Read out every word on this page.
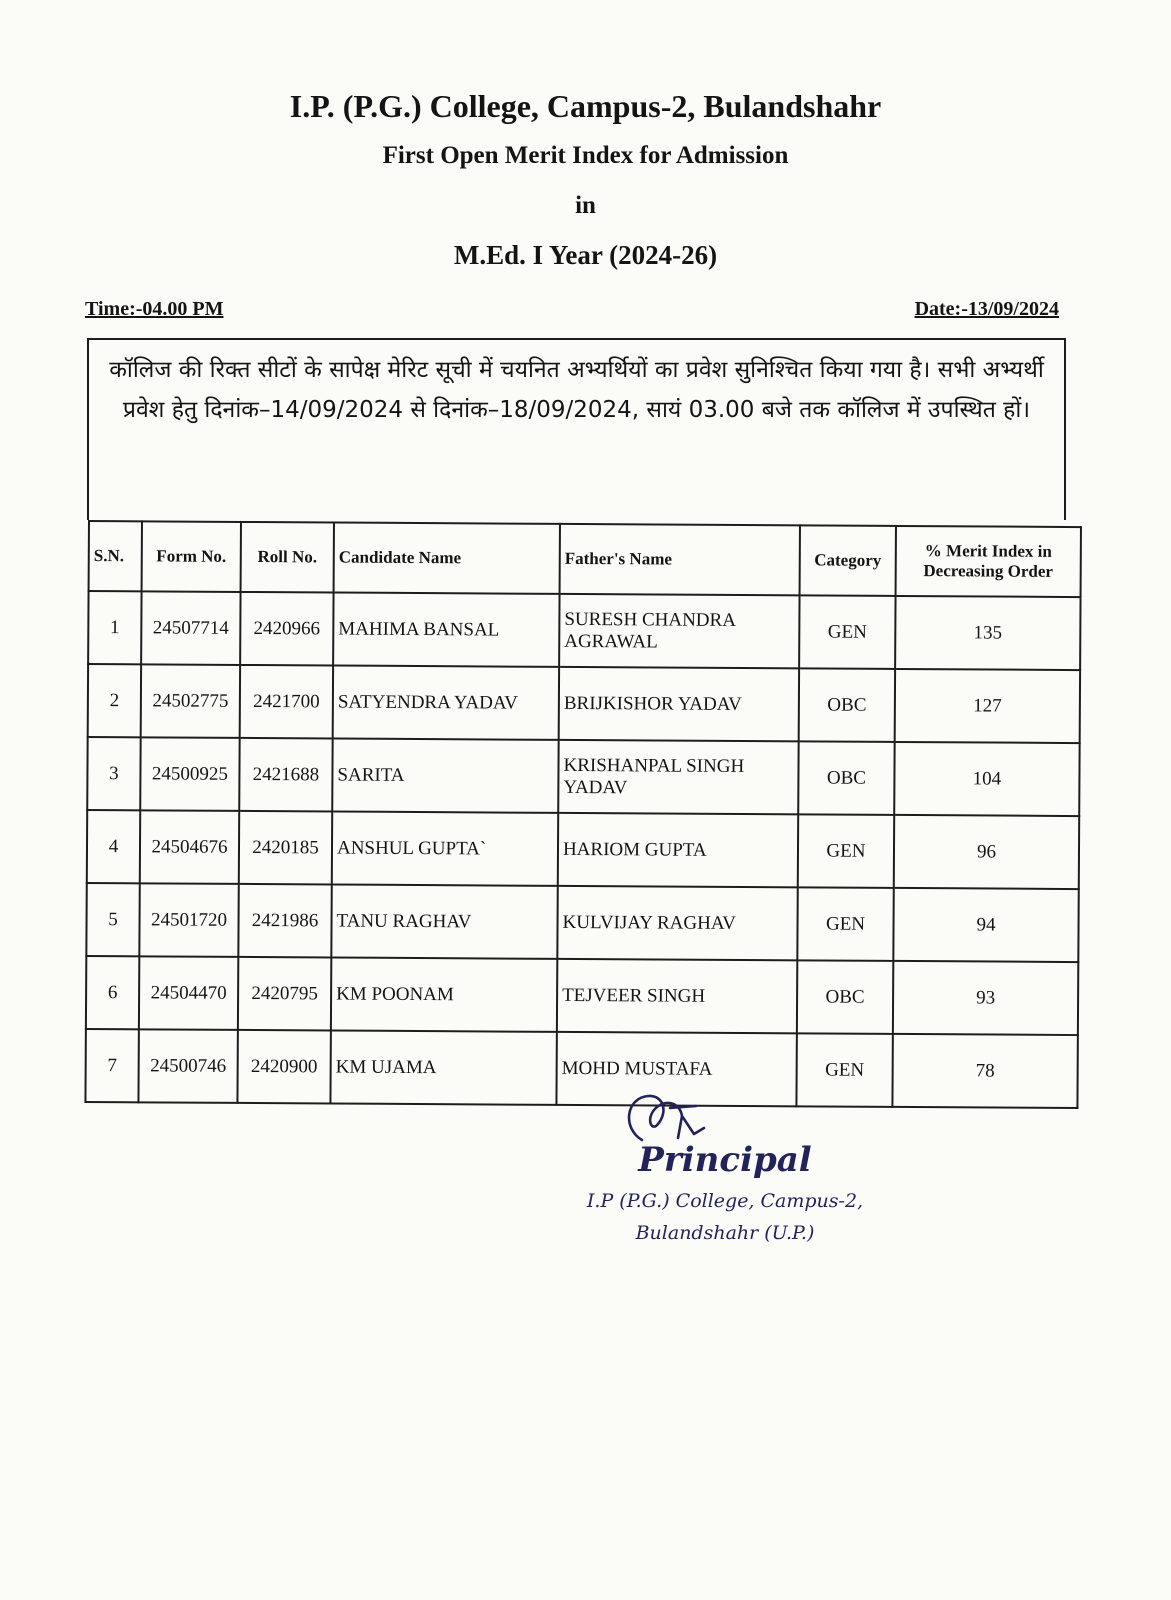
I.P. (P.G.) College, Campus-2, Bulandshahr
First Open Merit Index for Admission
in
M.Ed. I Year (2024-26)
Time:-04.00 PM	Date:-13/09/2024
कॉलिज की रिक्त सीटों के सापेक्ष मेरिट सूची में चयनित अभ्यर्थियों का प्रवेश सुनिश्चित किया गया है। सभी अभ्यर्थी प्रवेश हेतु दिनांक–14/09/2024 से दिनांक–18/09/2024, सायं 03.00 बजे तक कॉलिज में उपस्थित हों।
S.N.	Form No.	Roll No.	Candidate Name	Father's Name	Category	% Merit Index in Decreasing Order
1	24507714	2420966	MAHIMA BANSAL	SURESH CHANDRA AGRAWAL	GEN	135
2	24502775	2421700	SATYENDRA YADAV	BRIJKISHOR YADAV	OBC	127
3	24500925	2421688	SARITA	KRISHANPAL SINGH YADAV	OBC	104
4	24504676	2420185	ANSHUL GUPTA`	HARIOM GUPTA	GEN	96
5	24501720	2421986	TANU RAGHAV	KULVIJAY RAGHAV	GEN	94
6	24504470	2420795	KM POONAM	TEJVEER SINGH	OBC	93
7	24500746	2420900	KM UJAMA	MOHD MUSTAFA	GEN	78
Principal
I.P (P.G.) College, Campus-2,
Bulandshahr (U.P.)
